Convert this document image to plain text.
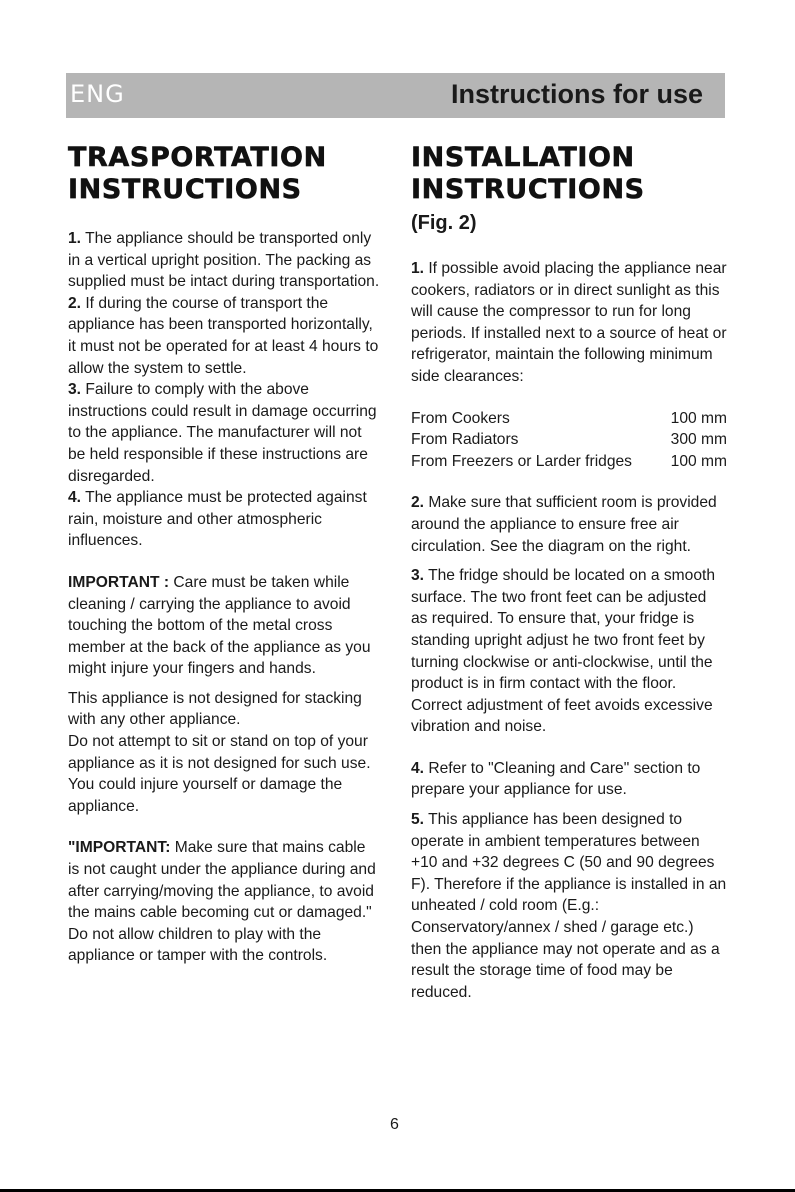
ENG	Instructions for use
TRASPORTATION
INSTRUCTIONS

1. The appliance should be transported only in a vertical upright position. The packing as supplied must be intact during transportation.

2. If during the course of transport the appliance has been transported horizontally, it must not be operated for at least 4 hours to allow the system to settle.

3. Failure to comply with the above instructions could result in damage occurring to the appliance. The manufacturer will not be held responsible if these instructions are disregarded.

4. The appliance must be protected against rain, moisture and other atmospheric influences.

IMPORTANT : Care must be taken while cleaning / carrying the appliance to avoid touching the bottom of the metal cross member at the back of the appliance as you might injure your fingers and hands.

This appliance is not designed for stacking with any other appliance.

Do not attempt to sit or stand on top of your appliance as it is not designed for such use. You could injure yourself or damage the appliance.

"IMPORTANT: Make sure that mains cable is not caught under the appliance during and after carrying/moving the appliance, to avoid the mains cable becoming cut or damaged." Do not allow children to play with the appliance or tamper with the controls.

INSTALLATION
INSTRUCTIONS
(Fig. 2)

1. If possible avoid placing the appliance near cookers, radiators or in direct sunlight as this will cause the compressor to run for long periods. If installed next to a source of heat or refrigerator, maintain the following minimum side clearances:

From Cookers	100 mm
From Radiators	300 mm
From Freezers or Larder fridges	100 mm

2. Make sure that sufficient room is provided around the appliance to ensure free air circulation. See the diagram on the right.

3. The fridge should be located on a smooth surface. The two front feet can be adjusted as required. To ensure that, your fridge is standing upright adjust he two front feet by turning clockwise or anti-clockwise, until the product is in firm contact with the floor. Correct adjustment of feet avoids excessive vibration and noise.

4. Refer to "Cleaning and Care" section to prepare your appliance for use.

5. This appliance has been designed to operate in ambient temperatures between +10 and +32 degrees C (50 and 90 degrees F). Therefore if the appliance is installed in an unheated / cold room (E.g.: Conservatory/annex / shed / garage etc.) then the appliance may not operate and as a result the storage time of food may be reduced.

6
